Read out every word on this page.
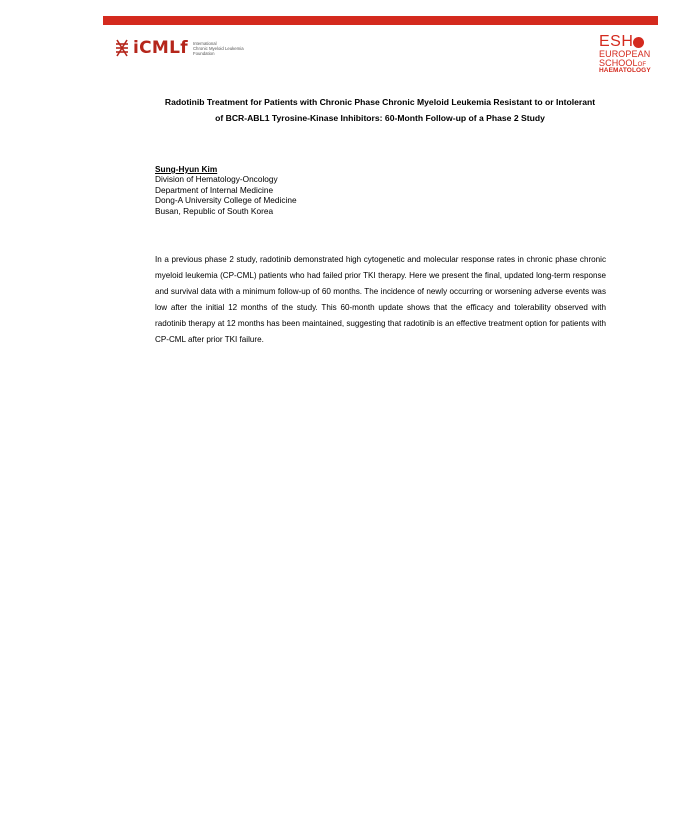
iCMLf International
Chronic Myeloid Leukemia
Foundation
ESH
EUROPEAN
SCHOOLOF
HAEMATOLOGY
Radotinib Treatment for Patients with Chronic Phase Chronic Myeloid Leukemia Resistant to or Intolerant
of BCR-ABL1 Tyrosine-Kinase Inhibitors: 60-Month Follow-up of a Phase 2 Study
Sung-Hyun Kim
Division of Hematology-Oncology
Department of Internal Medicine
Dong-A University College of Medicine
Busan, Republic of South Korea
In a previous phase 2 study, radotinib demonstrated high cytogenetic and molecular response rates in chronic phase chronic myeloid leukemia (CP-CML) patients who had failed prior TKI therapy. Here we present the final, updated long-term response and survival data with a minimum follow-up of 60 months. The incidence of newly occurring or worsening adverse events was low after the initial 12 months of the study. This 60-month update shows that the efficacy and tolerability observed with radotinib therapy at 12 months has been maintained, suggesting that radotinib is an effective treatment option for patients with CP-CML after prior TKI failure.
